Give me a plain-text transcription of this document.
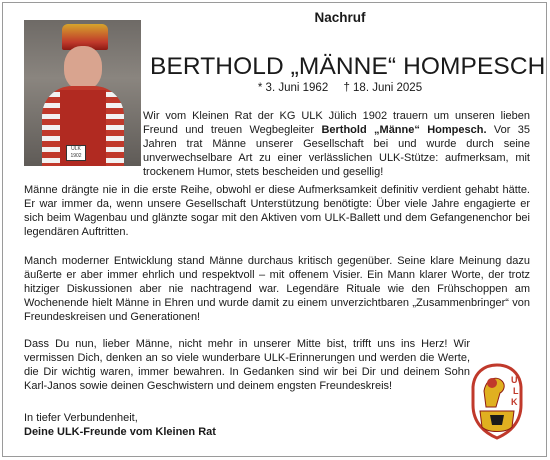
ULK 1902
Nachruf
BERTHOLD „MÄNNE“ HOMPESCH
* 3. Juni 1962 † 18. Juni 2025
Wir vom Kleinen Rat der KG ULK Jülich 1902 trauern um unseren lieben Freund und treuen Wegbegleiter Berthold „Männe“ Hompesch. Vor 35 Jahren trat Männe unserer Gesellschaft bei und wurde durch seine unverwechselbare Art zu einer verlässlichen ULK-Stütze: aufmerksam, mit trockenem Humor, stets bescheiden und gesellig!
Männe drängte nie in die erste Reihe, obwohl er diese Aufmerksamkeit definitiv verdient gehabt hätte. Er war immer da, wenn unsere Gesellschaft Unterstützung benötigte: Über viele Jahre engagierte er sich beim Wagenbau und glänzte sogar mit den Aktiven vom ULK-Ballett und dem Gefangenenchor bei legendären Auftritten.
Manch moderner Entwicklung stand Männe durchaus kritisch gegenüber. Seine klare Meinung dazu äußerte er aber immer ehrlich und respektvoll – mit offenem Visier. Ein Mann klarer Worte, der trotz hitziger Diskussionen aber nie nachtragend war. Legendäre Rituale wie den Frühschoppen am Wochenende hielt Männe in Ehren und wurde damit zu einem unverzichtbaren „Zusammenbringer“ von Freundeskreisen und Generationen!
Dass Du nun, lieber Männe, nicht mehr in unserer Mitte bist, trifft uns ins Herz! Wir vermissen Dich, denken an so viele wunderbare ULK-Erinnerungen und werden die Werte, die Dir wichtig waren, immer bewahren. In Gedanken sind wir bei Dir und deinem Sohn Karl-Janos sowie deinen Geschwistern und deinem engsten Freundeskreis!
In tiefer Verbundenheit,
Deine ULK-Freunde vom Kleinen Rat
U
L
K
